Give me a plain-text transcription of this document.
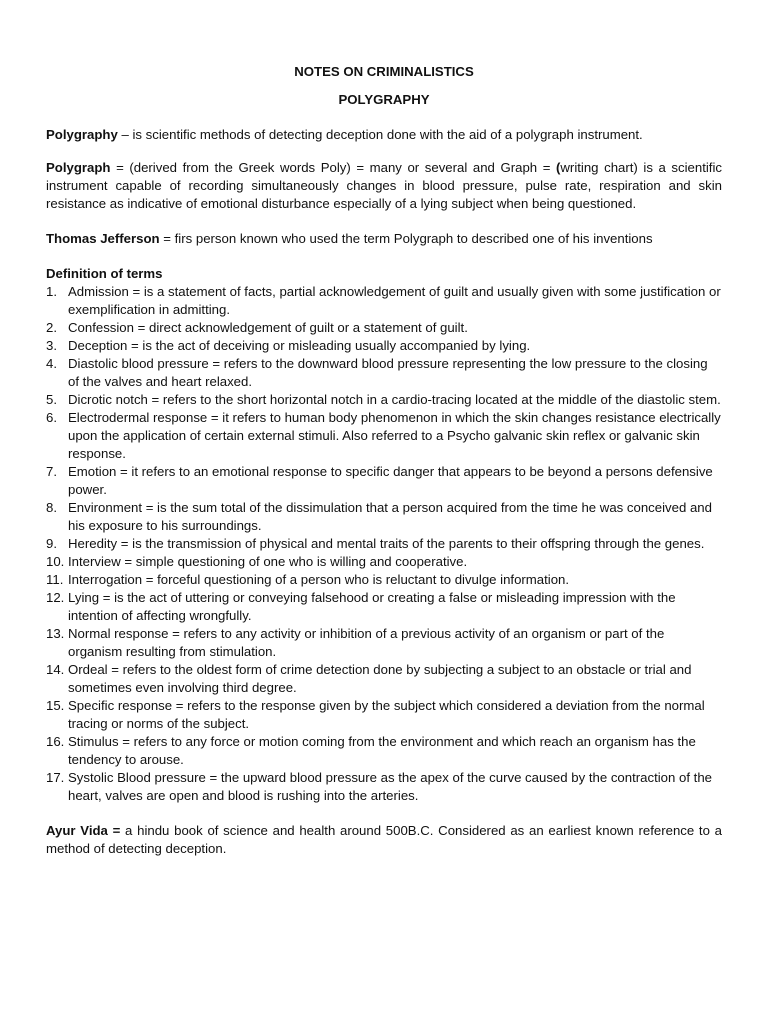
NOTES ON CRIMINALISTICS

POLYGRAPHY

Polygraphy – is scientific methods of detecting deception done with the aid of a polygraph instrument.

Polygraph = (derived from the Greek words Poly) = many or several and Graph = (writing chart) is a scientific instrument capable of recording simultaneously changes in blood pressure, pulse rate, respiration and skin resistance as indicative of emotional disturbance especially of a lying subject when being questioned.

Thomas Jefferson = firs person known who used the term Polygraph to described one of his inventions

Definition of terms
1. Admission = is a statement of facts, partial acknowledgement of guilt and usually given with some justification or exemplification in admitting.
2. Confession = direct acknowledgement of guilt or a statement of guilt.
3. Deception = is the act of deceiving or misleading usually accompanied by lying.
4. Diastolic blood pressure = refers to the downward blood pressure representing the low pressure to the closing of the valves and heart relaxed.
5. Dicrotic notch = refers to the short horizontal notch in a cardio-tracing located at the middle of the diastolic stem.
6. Electrodermal response = it refers to human body phenomenon in which the skin changes resistance electrically upon the application of certain external stimuli. Also referred to a Psycho galvanic skin reflex or galvanic skin response.
7. Emotion = it refers to an emotional response to specific danger that appears to be beyond a persons defensive power.
8. Environment = is the sum total of the dissimulation that a person acquired from the time he was conceived and his exposure to his surroundings.
9. Heredity = is the transmission of physical and mental traits of the parents to their offspring through the genes.
10. Interview = simple questioning of one who is willing and cooperative.
11. Interrogation = forceful questioning of a person who is reluctant to divulge information.
12. Lying = is the act of uttering or conveying falsehood or creating a false or misleading impression with the intention of affecting wrongfully.
13. Normal response = refers to any activity or inhibition of a previous activity of an organism or part of the organism resulting from stimulation.
14. Ordeal = refers to the oldest form of crime detection done by subjecting a subject to an obstacle or trial and sometimes even involving third degree.
15. Specific response = refers to the response given by the subject which considered a deviation from the normal tracing or norms of the subject.
16. Stimulus = refers to any force or motion coming from the environment and which reach an organism has the tendency to arouse.
17. Systolic Blood pressure = the upward blood pressure as the apex of the curve caused by the contraction of the heart, valves are open and blood is rushing into the arteries.

Ayur Vida = a hindu book of science and health around 500B.C. Considered as an earliest known reference to a method of detecting deception.
